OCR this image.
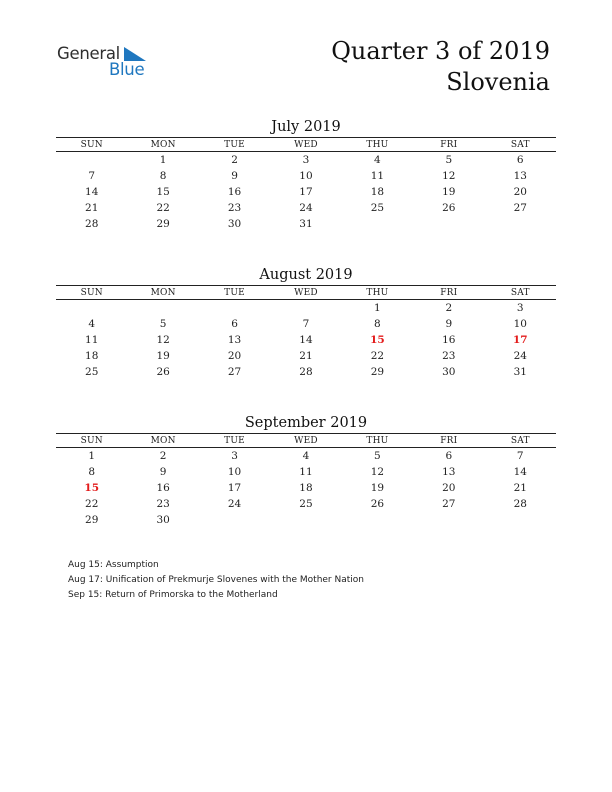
General
Blue
Quarter 3 of 2019
Slovenia
July 2019
SUN	MON	TUE	WED	THU	FRI	SAT
	1	2	3	4	5	6
7	8	9	10	11	12	13
14	15	16	17	18	19	20
21	22	23	24	25	26	27
28	29	30	31			
August 2019
SUN	MON	TUE	WED	THU	FRI	SAT
				1	2	3
4	5	6	7	8	9	10
11	12	13	14	15	16	17
18	19	20	21	22	23	24
25	26	27	28	29	30	31
September 2019
SUN	MON	TUE	WED	THU	FRI	SAT
1	2	3	4	5	6	7
8	9	10	11	12	13	14
15	16	17	18	19	20	21
22	23	24	25	26	27	28
29	30					
Aug 15: Assumption
Aug 17: Unification of Prekmurje Slovenes with the Mother Nation
Sep 15: Return of Primorska to the Motherland
